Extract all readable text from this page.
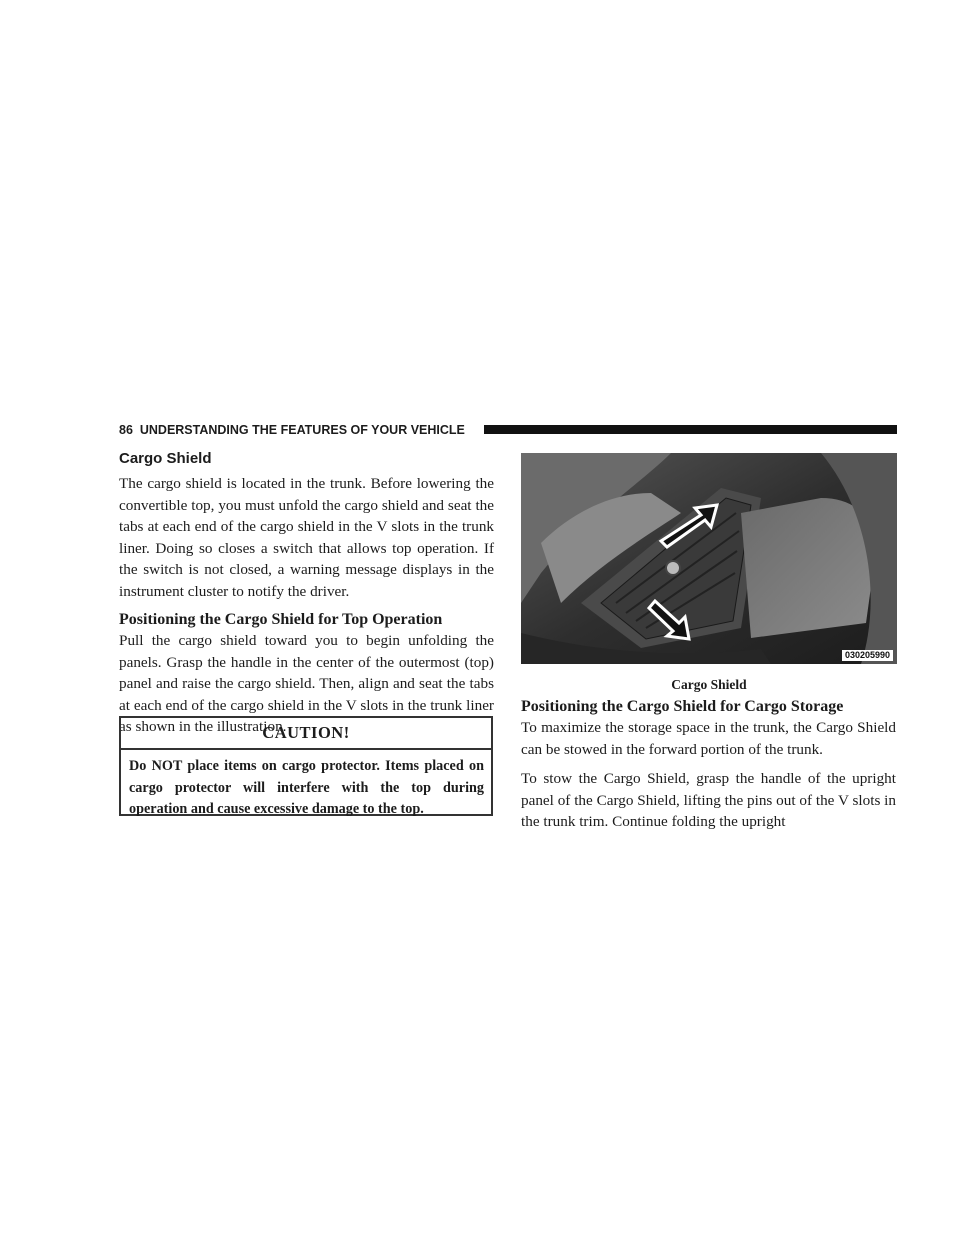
86 UNDERSTANDING THE FEATURES OF YOUR VEHICLE
Cargo Shield

The cargo shield is located in the trunk. Before lowering the convertible top, you must unfold the cargo shield and seat the tabs at each end of the cargo shield in the V slots in the trunk liner. Doing so closes a switch that allows top operation. If the switch is not closed, a warning message displays in the instrument cluster to notify the driver.

Positioning the Cargo Shield for Top Operation

Pull the cargo shield toward you to begin unfolding the panels. Grasp the handle in the center of the outermost (top) panel and raise the cargo shield. Then, align and seat the tabs at each end of the cargo shield in the V slots in the trunk liner as shown in the illustration.

CAUTION!
Do NOT place items on cargo protector. Items placed on cargo protector will interfere with the top during operation and cause excessive damage to the top.
030205990
Cargo Shield
Positioning the Cargo Shield for Cargo Storage

To maximize the storage space in the trunk, the Cargo Shield can be stowed in the forward portion of the trunk.

To stow the Cargo Shield, grasp the handle of the upright panel of the Cargo Shield, lifting the pins out of the V slots in the trunk trim. Continue folding the upright
